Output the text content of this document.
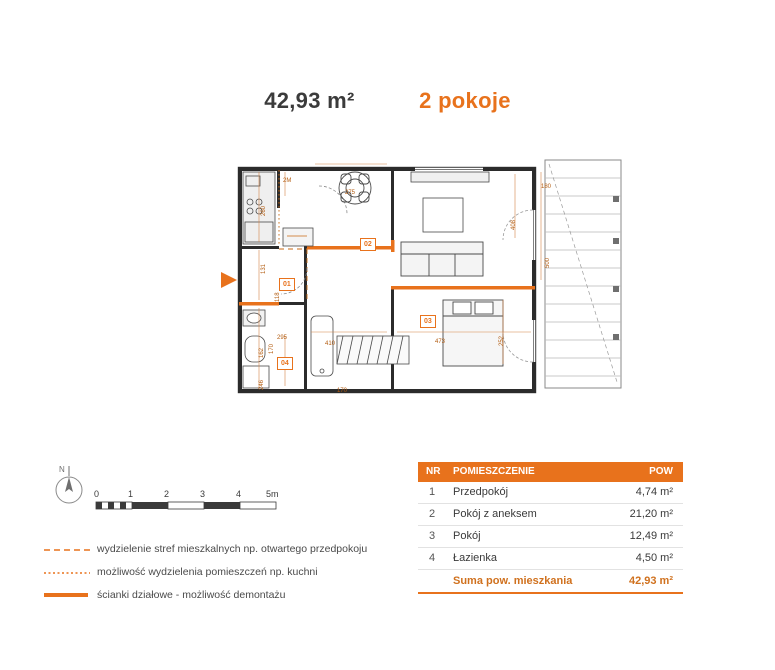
42,93 m²	2 pokoje
01
02
03
04
2M
260
180
408
500
275
131
118
295
410	473
162 170
246
170
252
N
0	1	2	3	4	5m
wydzielenie stref mieszkalnych np. otwartego przedpokoju
możliwość wydzielenia pomieszczeń np. kuchni
ścianki działowe - możliwość demontażu
NR POMIESZCZENIE	POW
1 Przedpokój	4,74 m²
2 Pokój z aneksem	21,20 m²
3 Pokój	12,49 m²
4 Łazienka	4,50 m²
Suma pow. mieszkania	42,93 m²
